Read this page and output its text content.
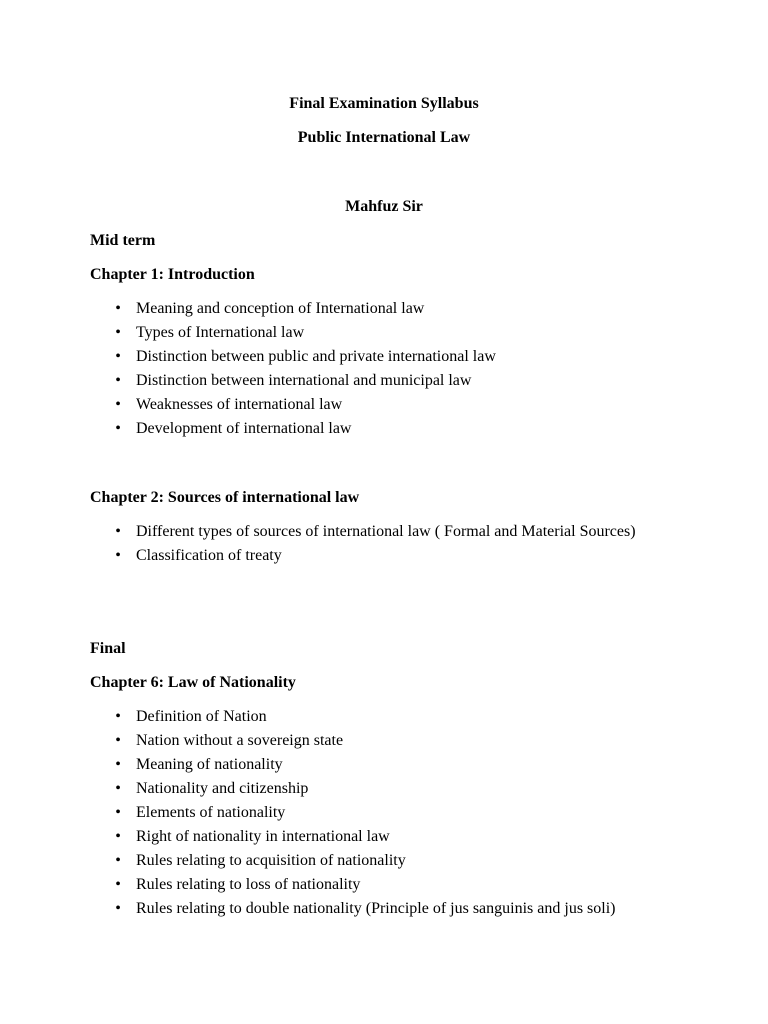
Final Examination Syllabus
Public International Law
Mahfuz Sir
Mid term
Chapter 1: Introduction
• Meaning and conception of International law
• Types of International law
• Distinction between public and private international law
• Distinction between international and municipal law
• Weaknesses of international law
• Development of international law
Chapter 2: Sources of international law
• Different types of sources of international law ( Formal and Material Sources)
• Classification of treaty
Final
Chapter 6: Law of Nationality
• Definition of Nation
• Nation without a sovereign state
• Meaning of nationality
• Nationality and citizenship
• Elements of nationality
• Right of nationality in international law
• Rules relating to acquisition of nationality
• Rules relating to loss of nationality
• Rules relating to double nationality (Principle of jus sanguinis and jus soli)
